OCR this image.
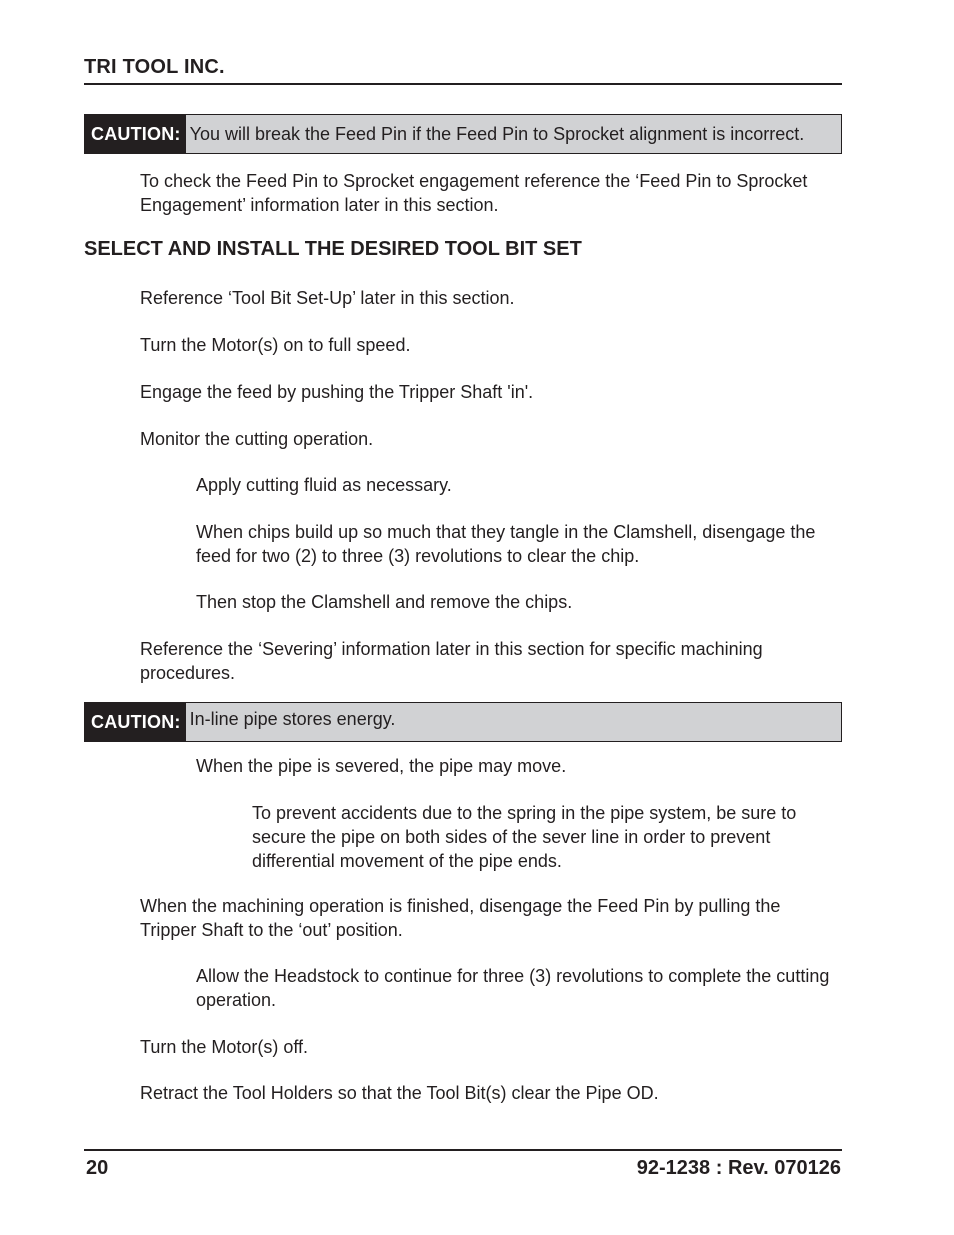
TRI TOOL INC.
CAUTION: You will break the Feed Pin if the Feed Pin to Sprocket alignment is incorrect.

To check the Feed Pin to Sprocket engagement reference the ‘Feed Pin to Sprocket Engagement’ information later in this section.

SELECT AND INSTALL THE DESIRED TOOL BIT SET

Reference ‘Tool Bit Set-Up’ later in this section.

Turn the Motor(s) on to full speed.

Engage the feed by pushing the Tripper Shaft 'in'.

Monitor the cutting operation.

Apply cutting fluid as necessary.

When chips build up so much that they tangle in the Clamshell, disengage the feed for two (2) to three (3) revolutions to clear the chip.

Then stop the Clamshell and remove the chips.

Reference the ‘Severing’ information later in this section for specific machining procedures.

CAUTION: In-line pipe stores energy.

When the pipe is severed, the pipe may move.

To prevent accidents due to the spring in the pipe system, be sure to secure the pipe on both sides of the sever line in order to prevent differential movement of the pipe ends.

When the machining operation is finished, disengage the Feed Pin by pulling the Tripper Shaft to the ‘out’ position.

Allow the Headstock to continue for three (3) revolutions to complete the cutting operation.

Turn the Motor(s) off.

Retract the Tool Holders so that the Tool Bit(s) clear the Pipe OD.

20	92-1238 : Rev. 070126
